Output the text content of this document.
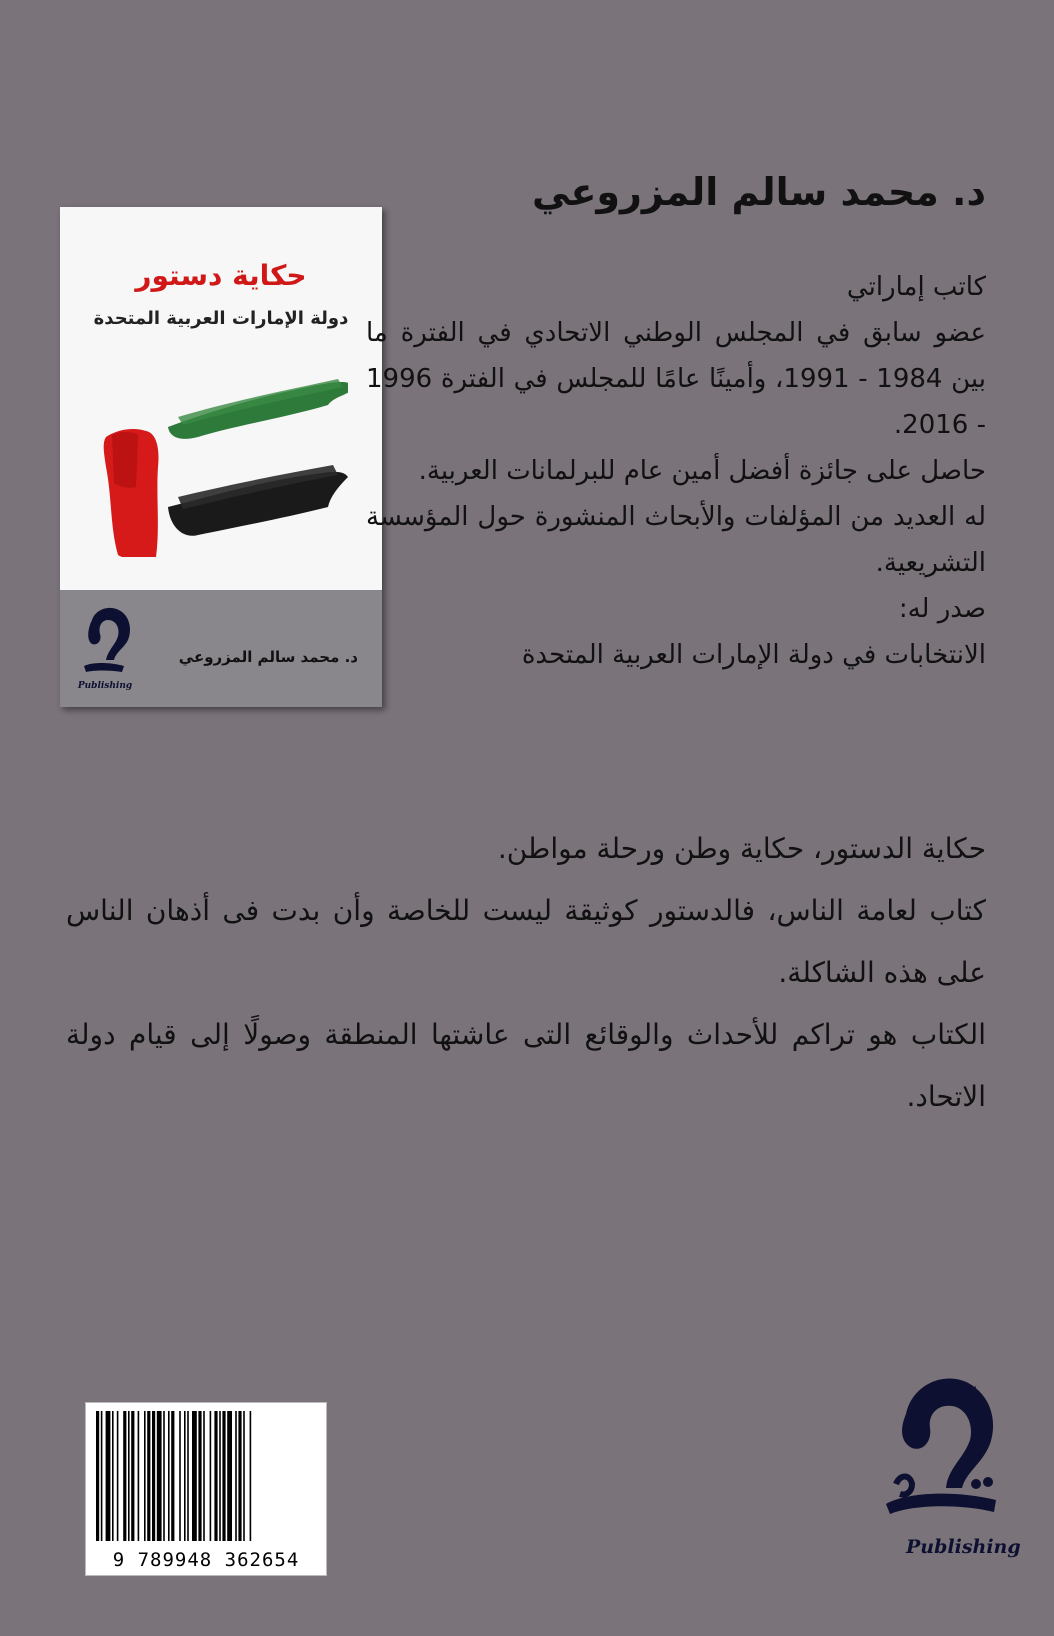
د. محمد سالم المزروعي
حكاية دستور
دولة الإمارات العربية المتحدة
Publishing
د. محمد سالم المزروعي

كاتب إماراتي

عضو سابق في المجلس الوطني الاتحادي في الفترة ما بين 1984 - 1991، وأمينًا عامًا للمجلس في الفترة 1996 - 2016.

حاصل على جائزة أفضل أمين عام للبرلمانات العربية.

له العديد من المؤلفات والأبحاث المنشورة حول المؤسسة التشريعية.

صدر له:

الانتخابات في دولة الإمارات العربية المتحدة

حكاية الدستور، حكاية وطن ورحلة مواطن.

كتاب لعامة الناس، فالدستور كوثيقة ليست للخاصة وأن بدت فى أذهان الناس على هذه الشاكلة.

الكتاب هو تراكم للأحداث والوقائع التى عاشتها المنطقة وصولًا إلى قيام دولة الاتحاد.

9 789948 362654
Publishing
